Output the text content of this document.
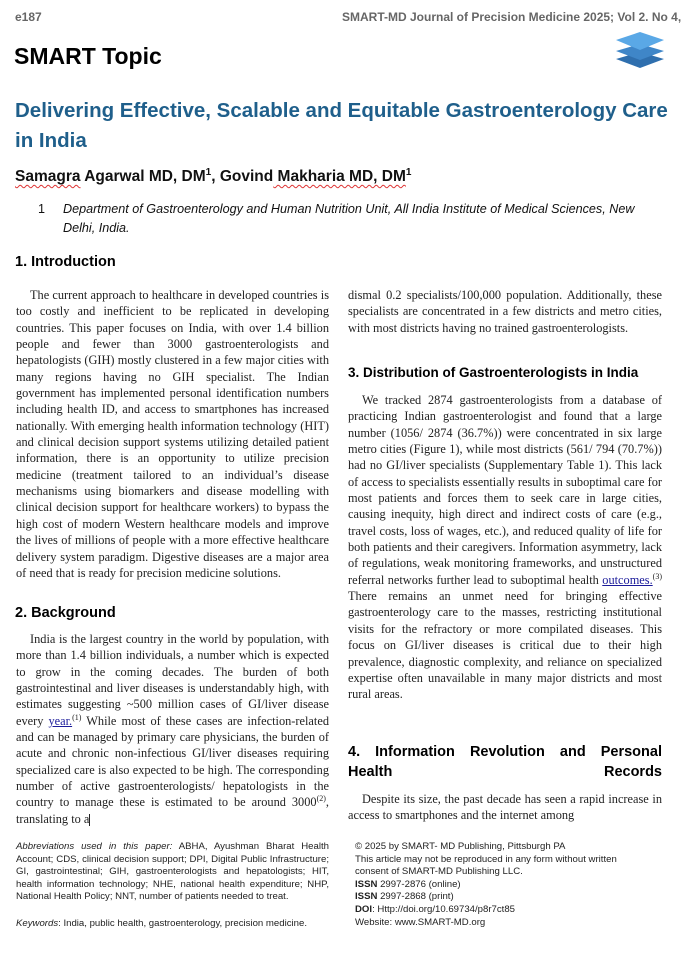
e187	SMART-MD Journal of Precision Medicine 2025; Vol 2. No 4,
SMART Topic
Delivering Effective, Scalable and Equitable Gastroenterology Care in India
Samagra Agarwal MD, $DM^1$, Govind Makharia MD, $DM^1$
1 Department of Gastroenterology and Human Nutrition Unit, All India Institute of Medical Sciences, New Delhi, India.
1. Introduction
The current approach to healthcare in developed countries is too costly and inefficient to be replicated in developing countries. This paper focuses on India, with over 1.4 billion people and fewer than 3000 gastroenterologists and hepatologists (GIH) mostly clustered in a few major cities with many regions having no GIH specialist. The Indian government has implemented personal identification numbers including health ID, and access to smartphones has increased nationally. With emerging health information technology (HIT) and clinical decision support systems utilizing detailed patient information, there is an opportunity to utilize precision medicine (treatment tailored to an individual’s disease mechanisms using biomarkers and disease modelling with clinical decision support for healthcare workers) to bypass the high cost of modern Western healthcare models and improve the lives of millions of people with a more effective healthcare delivery system paradigm. Digestive diseases are a major area of need that is ready for precision medicine solutions.
2. Background
India is the largest country in the world by population, with more than 1.4 billion individuals, a number which is expected to grow in the coming decades. The burden of both gastrointestinal and liver diseases is understandably high, with estimates suggesting ~500 million cases of GI/liver disease every year.$^{(1)}$ While most of these cases are infection-related and can be managed by primary care physicians, the burden of acute and chronic non-infectious GI/liver diseases requiring specialized care is also expected to be high. The corresponding number of active gastroenterologists/ hepatologists in the country to manage these is estimated to be around 3000$^{(2)}$, translating to a
dismal 0.2 specialists/100,000 population. Additionally, these specialists are concentrated in a few districts and metro cities, with most districts having no trained gastroenterologists.
3. Distribution of Gastroenterologists in India
We tracked 2874 gastroenterologists from a database of practicing Indian gastroenterologist and found that a large number (1056/ 2874 (36.7%)) were concentrated in six large metro cities (Figure 1), while most districts (561/ 794 (70.7%)) had no GI/liver specialists (Supplementary Table 1). This lack of access to specialists essentially results in suboptimal care for most patients and forces them to seek care in large cities, causing inequity, high direct and indirect costs of care (e.g., travel costs, loss of wages, etc.), and reduced quality of life for both patients and their caregivers. Information asymmetry, lack of regulations, weak monitoring frameworks, and unstructured referral networks further lead to suboptimal health outcomes.$^{(3)}$ There remains an unmet need for bringing effective gastroenterology care to the masses, restricting institutional visits for the refractory or more compilated diseases. This focus on GI/liver diseases is critical due to their high prevalence, diagnostic complexity, and reliance on specialized expertise often unavailable in many major districts and most rural areas.
4. Information Revolution and Personal Health Records
Despite its size, the past decade has seen a rapid increase in access to smartphones and the internet among
Abbreviations used in this paper: ABHA, Ayushman Bharat Health Account; CDS, clinical decision support; DPI, Digital Public Infrastructure; GI, gastrointestinal; GIH, gastroenterologists and hepatologists; HIT, health information technology; NHE, national health expenditure; NHP, National Health Policy; NNT, number of patients needed to treat.
Keywords: India, public health, gastroenterology, precision medicine.
© 2025 by SMART- MD Publishing, Pittsburgh PA
This article may not be reproduced in any form without written
consent of SMART-MD Publishing LLC.
ISSN 2997-2876 (online)
ISSN 2997-2868 (print)
DOI: Http://doi.org/10.69734/p8r7ct85
Website: www.SMART-MD.org
